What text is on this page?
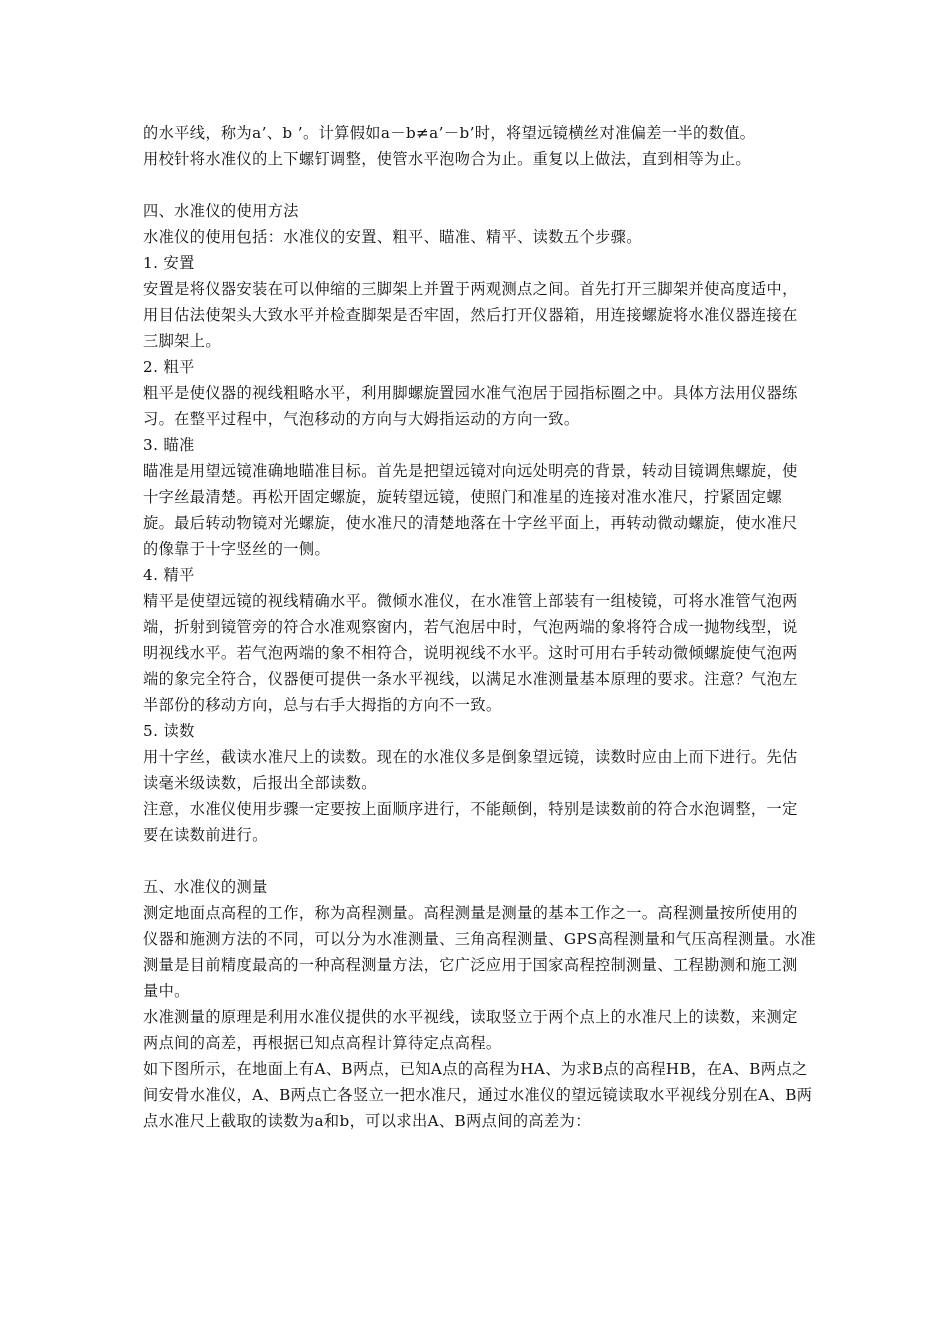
的水平线，称为a’、b ’。计算假如a－b≠a’－b’时，将望远镜横丝对准偏差一半的数值。

用校针将水准仪的上下螺钉调整，使管水平泡吻合为止。重复以上做法，直到相等为止。

四、水准仪的使用方法

水准仪的使用包括：水准仪的安置、粗平、瞄准、精平、读数五个步骤。

1. 安置

安置是将仪器安装在可以伸缩的三脚架上并置于两观测点之间。首先打开三脚架并使高度适中，

用目估法使架头大致水平并检查脚架是否牢固，然后打开仪器箱，用连接螺旋将水准仪器连接在

三脚架上。

2. 粗平

粗平是使仪器的视线粗略水平，利用脚螺旋置园水准气泡居于园指标圈之中。具体方法用仪器练

习。在整平过程中，气泡移动的方向与大姆指运动的方向一致。

3. 瞄准

瞄准是用望远镜准确地瞄准目标。首先是把望远镜对向远处明亮的背景，转动目镜调焦螺旋，使

十字丝最清楚。再松开固定螺旋，旋转望远镜，使照门和准星的连接对准水准尺，拧紧固定螺

旋。最后转动物镜对光螺旋，使水准尺的清楚地落在十字丝平面上，再转动微动螺旋，使水准尺

的像靠于十字竖丝的一侧。

4. 精平

精平是使望远镜的视线精确水平。微倾水准仪，在水准管上部装有一组棱镜，可将水准管气泡两

端，折射到镜管旁的符合水准观察窗内，若气泡居中时，气泡两端的象将符合成一抛物线型，说

明视线水平。若气泡两端的象不相符合，说明视线不水平。这时可用右手转动微倾螺旋使气泡两

端的象完全符合，仪器便可提供一条水平视线，以满足水准测量基本原理的要求。注意？气泡左

半部份的移动方向，总与右手大拇指的方向不一致。

5. 读数

用十字丝，截读水准尺上的读数。现在的水准仪多是倒象望远镜，读数时应由上而下进行。先估

读毫米级读数，后报出全部读数。

注意，水准仪使用步骤一定要按上面顺序进行，不能颠倒，特别是读数前的符合水泡调整，一定

要在读数前进行。

五、水准仪的测量

测定地面点高程的工作，称为高程测量。高程测量是测量的基本工作之一。高程测量按所使用的

仪器和施测方法的不同，可以分为水准测量、三角高程测量、GPS高程测量和气压高程测量。水准

测量是目前精度最高的一种高程测量方法，它广泛应用于国家高程控制测量、工程勘测和施工测

量中。

水准测量的原理是利用水准仪提供的水平视线，读取竖立于两个点上的水准尺上的读数，来测定

两点间的高差，再根据已知点高程计算待定点高程。

如下图所示，在地面上有A、B两点，已知A点的高程为HA、为求B点的高程HB，在A、B两点之

间安骨水准仪，A、B两点亡各竖立一把水准尺，通过水准仪的望远镜读取水平视线分别在A、B两

点水准尺上截取的读数为a和b，可以求出A、B两点间的高差为：
